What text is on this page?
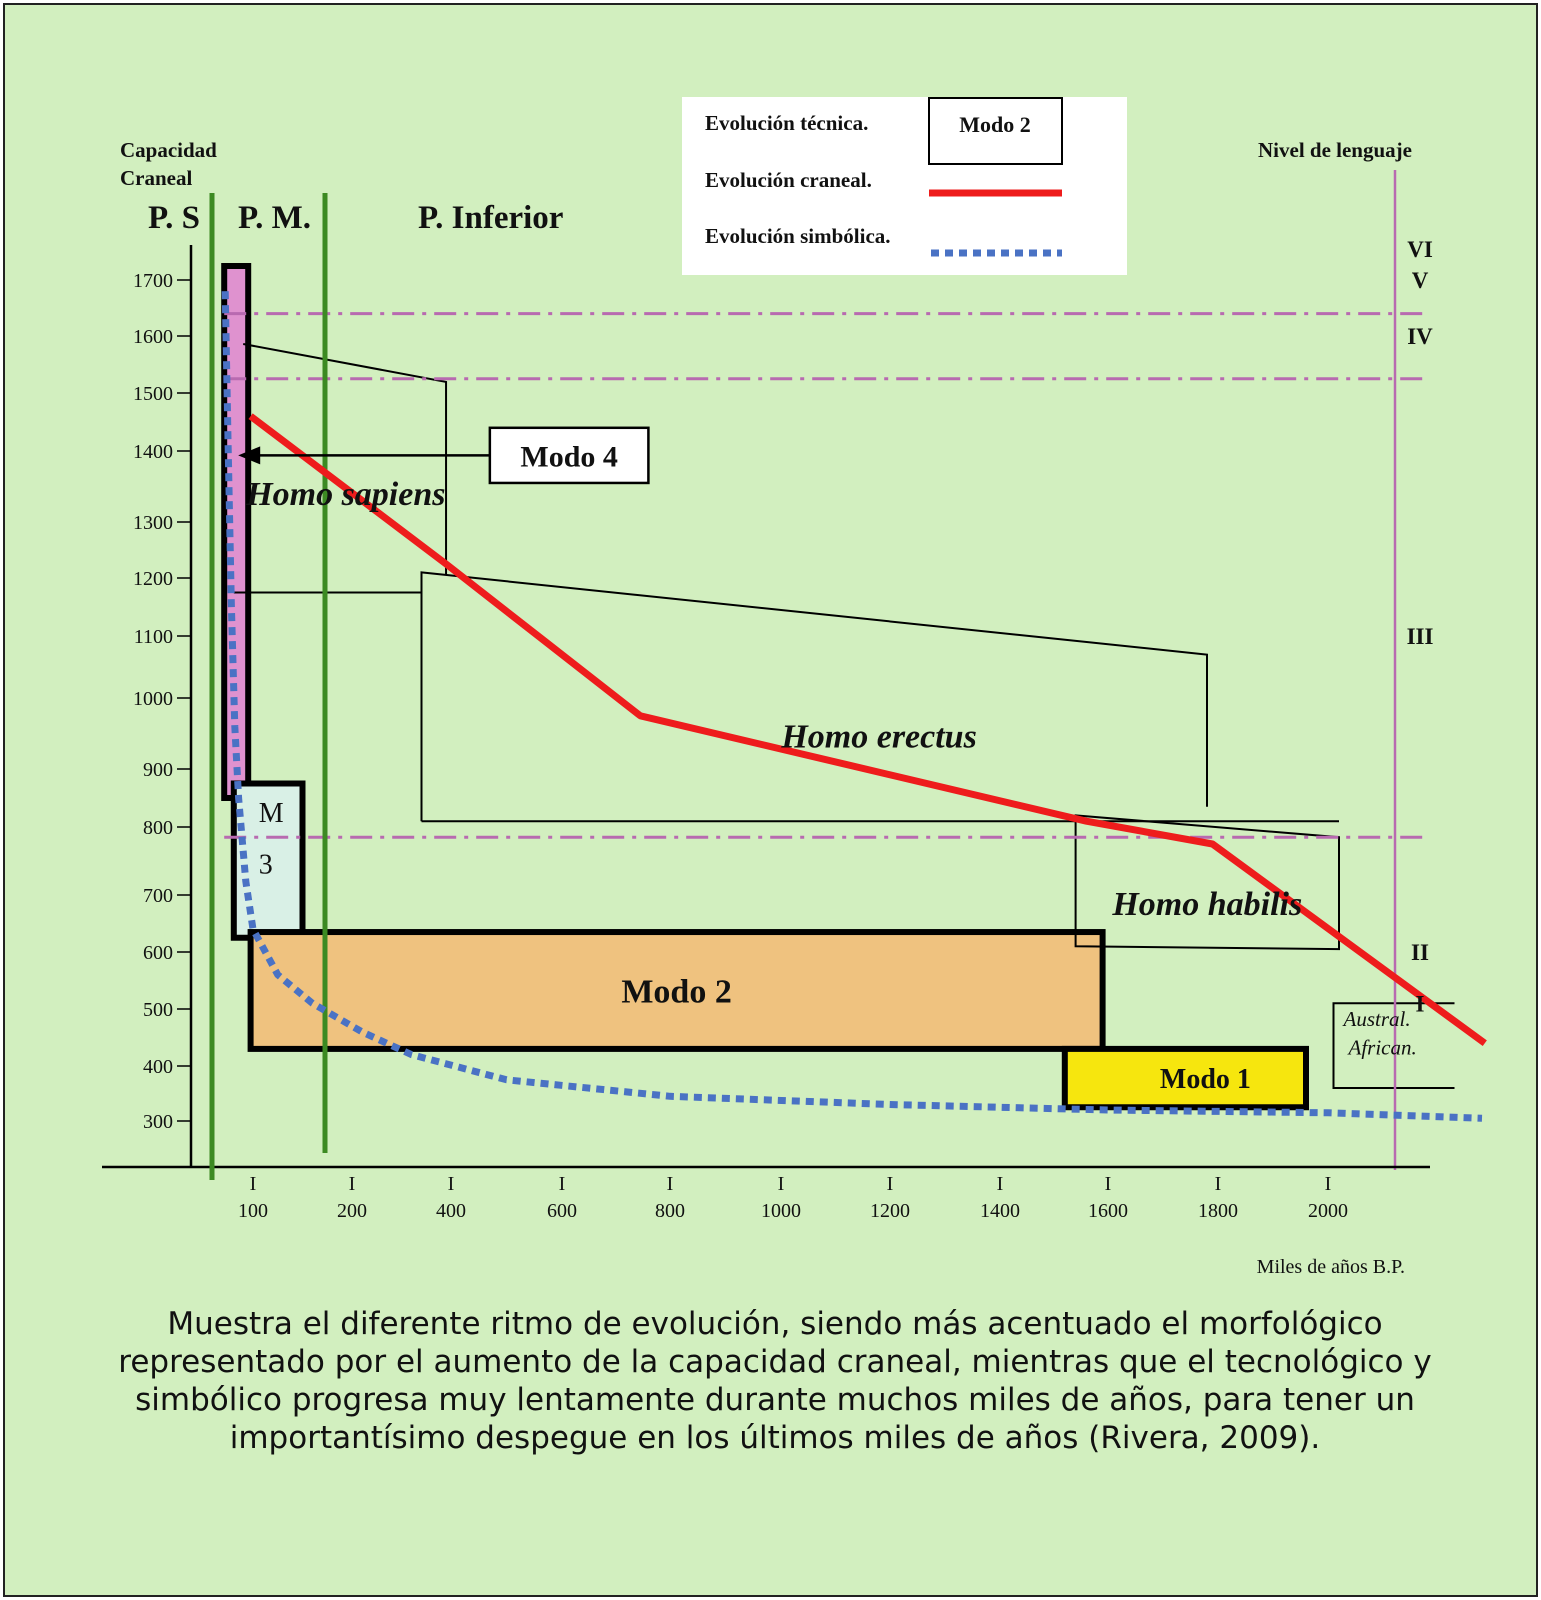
300
400
500
600
700
800
900
1000
1100
1200
1300
1400
1500
1600
1700
I
100
I
200
I
400
I
600
I
800
I
1000
I
1200
I
1400
I
1600
I
1800
I
2000
Capacidad
Craneal
Miles de años B.P.
Modo 2
Modo 1
M
3
Modo 4
Homo sapiens
Homo erectus
Homo habilis
Austral.
African.
Nivel de lenguaje
VI
V
IV
III
II
I
P. S P. M.	P. Inferior
Evolución técnica.	Modo 2
Evolución craneal.
Evolución simbólica.
Muestra el diferente ritmo de evolución, siendo más acentuado el morfológico representado por el aumento de la capacidad craneal, mientras que el tecnológico y simbólico progresa muy lentamente durante muchos miles de años, para tener un importantísimo despegue en los últimos miles de años (Rivera, 2009).
